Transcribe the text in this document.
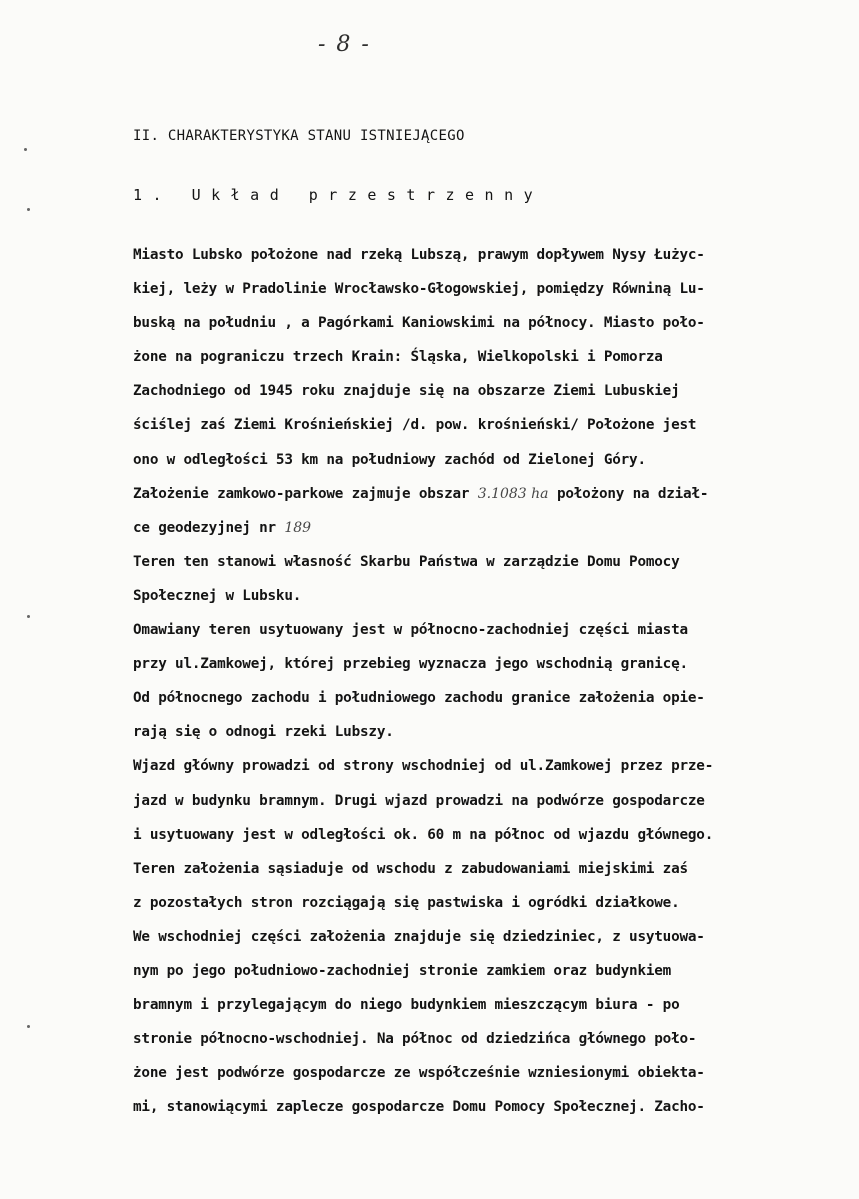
- 8 -
II. CHARAKTERYSTYKA STANU ISTNIEJĄCEGO
1. Układ przestrzenny
Miasto Lubsko położone nad rzeką Lubszą, prawym dopływem Nysy Łużyc-
kiej, leży w Pradolinie Wrocławsko-Głogowskiej, pomiędzy Równiną Lu-
buską na południu , a Pagórkami Kaniowskimi na północy. Miasto poło-
żone na pograniczu trzech Krain: Śląska, Wielkopolski i Pomorza
Zachodniego od 1945 roku znajduje się na obszarze Ziemi Lubuskiej
ściślej zaś Ziemi Krośnieńskiej /d. pow. krośnieński/ Położone jest
ono w odległości 53 km na południowy zachód od Zielonej Góry.
Założenie zamkowo-parkowe zajmuje obszar 3.1083 ha położony na dział-
ce geodezyjnej nr 189
Teren ten stanowi własność Skarbu Państwa w zarządzie Domu Pomocy
Społecznej w Lubsku.
Omawiany teren usytuowany jest w północno-zachodniej części miasta
przy ul.Zamkowej, której przebieg wyznacza jego wschodnią granicę.
Od północnego zachodu i południowego zachodu granice założenia opie-
rają się o odnogi rzeki Lubszy.
Wjazd główny prowadzi od strony wschodniej od ul.Zamkowej przez prze-
jazd w budynku bramnym. Drugi wjazd prowadzi na podwórze gospodarcze
i usytuowany jest w odległości ok. 60 m na północ od wjazdu głównego.
Teren założenia sąsiaduje od wschodu z zabudowaniami miejskimi zaś
z pozostałych stron rozciągają się pastwiska i ogródki działkowe.
We wschodniej części założenia znajduje się dziedziniec, z usytuowa-
nym po jego południowo-zachodniej stronie zamkiem oraz budynkiem
bramnym i przylegającym do niego budynkiem mieszczącym biura - po
stronie północno-wschodniej. Na północ od dziedzińca głównego poło-
żone jest podwórze gospodarcze ze współcześnie wzniesionymi obiekta-
mi, stanowiącymi zaplecze gospodarcze Domu Pomocy Społecznej. Zacho-
